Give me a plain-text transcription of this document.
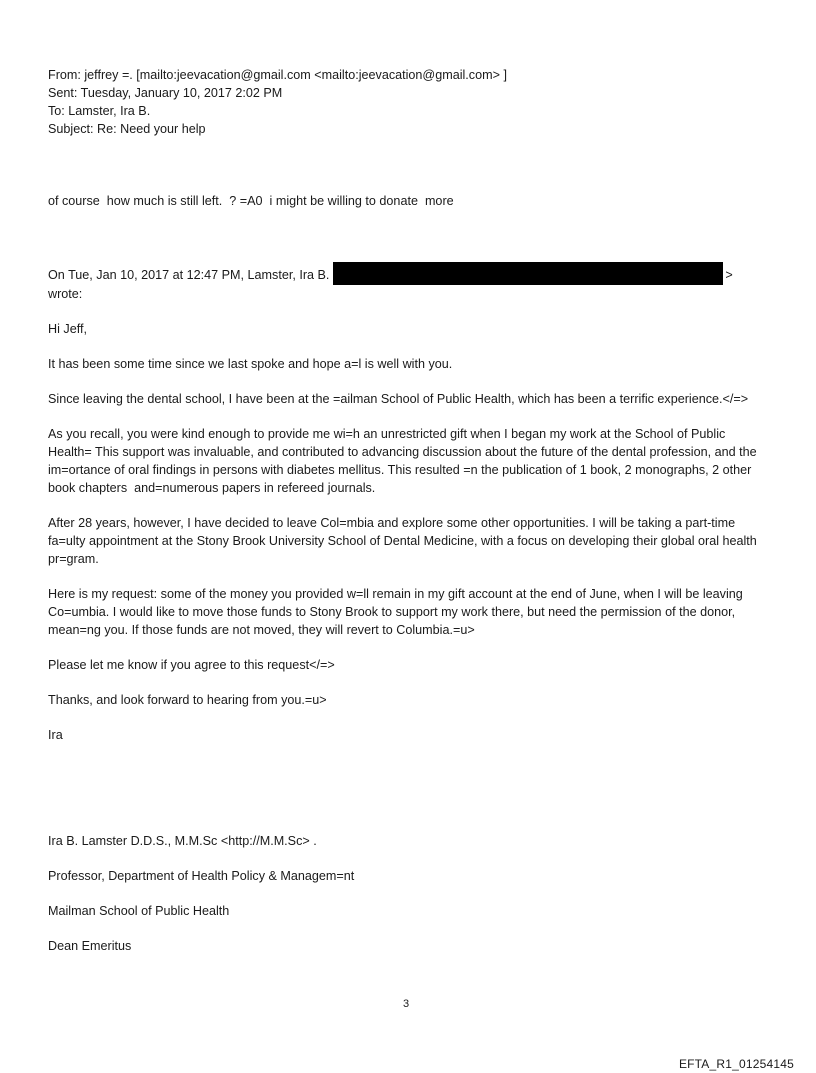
From: jeffrey =. [mailto:jeevacation@gmail.com <mailto:jeevacation@gmail.com> ]

Sent: Tuesday, January 10, 2017 2:02 PM

To: Lamster, Ira B.

Subject: Re: Need your help

of course  how much is still left.  ? =A0  i might be willing to donate  more

On Tue, Jan 10, 2017 at 12:47 PM, Lamster, Ira B.	>

wrote:

Hi Jeff,

It has been some time since we last spoke and hope a=l is well with you.

Since leaving the dental school, I have been at the =ailman School of Public Health, which has been a terrific experience.</=>

As you recall, you were kind enough to provide me wi=h an unrestricted gift when I began my work at the School of Public Health= This support was invaluable, and contributed to advancing discussion about the future of the dental profession, and the im=ortance of oral findings in persons with diabetes mellitus. This resulted =n the publication of 1 book, 2 monographs, 2 other book chapters  and=numerous papers in refereed journals.

After 28 years, however, I have decided to leave Col=mbia and explore some other opportunities. I will be taking a part-time fa=ulty appointment at the Stony Brook University School of Dental Medicine, with a focus on developing their global oral health pr=gram.

Here is my request: some of the money you provided w=ll remain in my gift account at the end of June, when I will be leaving Co=umbia. I would like to move those funds to Stony Brook to support my work there, but need the permission of the donor, mean=ng you. If those funds are not moved, they will revert to Columbia.=u>

Please let me know if you agree to this request</=>

Thanks, and look forward to hearing from you.=u>

Ira

Ira B. Lamster D.D.S., M.M.Sc <http://M.M.Sc> .

Professor, Department of Health Policy & Managem=nt

Mailman School of Public Health

Dean Emeritus

3
EFTA_R1_01254145
